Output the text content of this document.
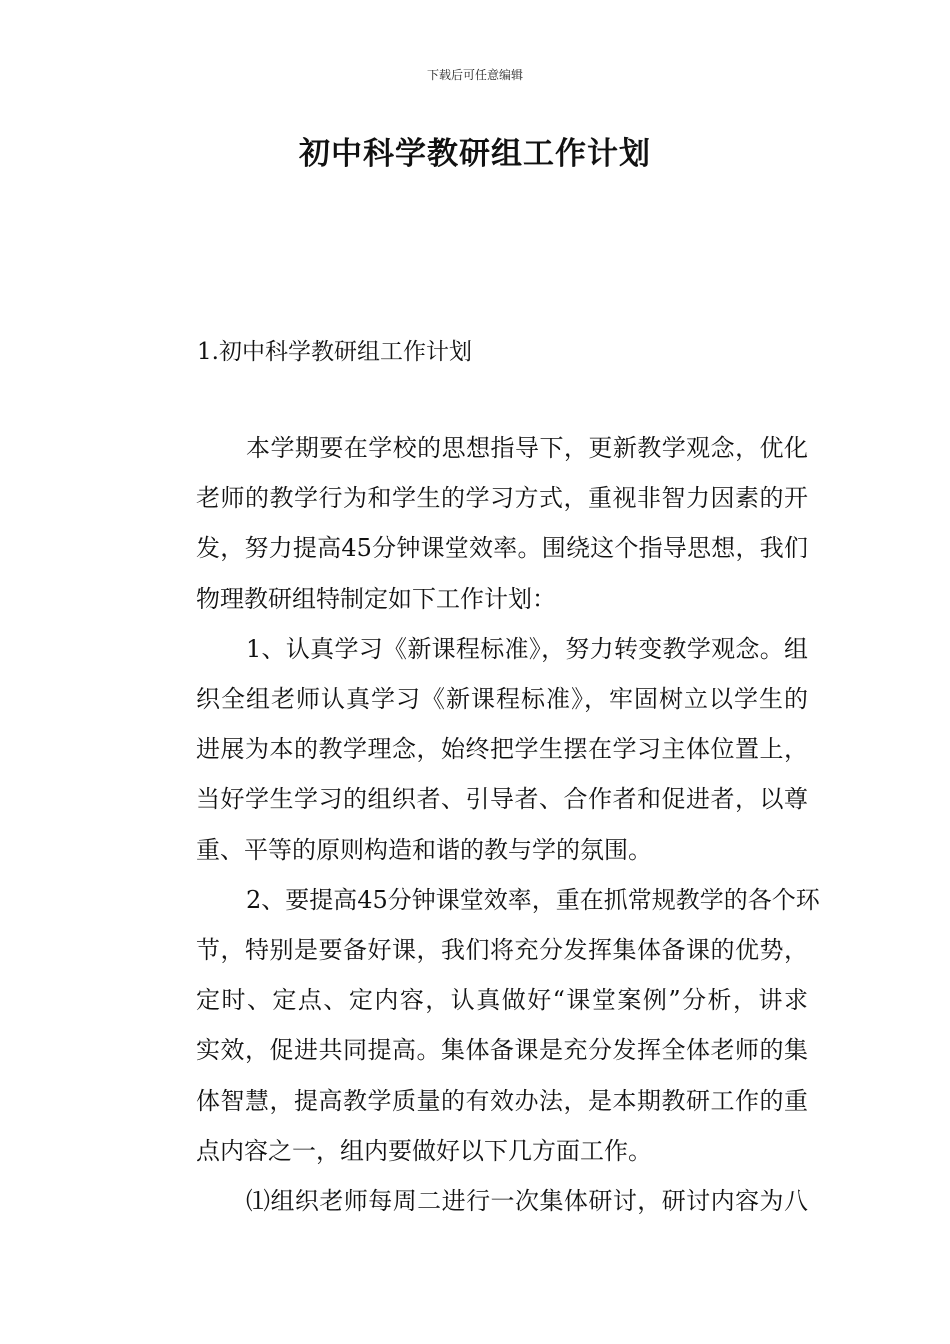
下载后可任意编辑
初中科学教研组工作计划
1.初中科学教研组工作计划
本学期要在学校的思想指导下，更新教学观念，优化
老师的教学行为和学生的学习方式，重视非智力因素的开
发，努力提高45分钟课堂效率。围绕这个指导思想，我们
物理教研组特制定如下工作计划：
1、认真学习《新课程标准》，努力转变教学观念。组
织全组老师认真学习《新课程标准》，牢固树立以学生的
进展为本的教学理念，始终把学生摆在学习主体位置上，
当好学生学习的组织者、引导者、合作者和促进者，以尊
重、平等的原则构造和谐的教与学的氛围。
2、要提高45分钟课堂效率，重在抓常规教学的各个环
节，特别是要备好课，我们将充分发挥集体备课的优势，
定时、定点、定内容，认真做好“课堂案例”分析，讲求
实效，促进共同提高。集体备课是充分发挥全体老师的集
体智慧，提高教学质量的有效办法，是本期教研工作的重
点内容之一，组内要做好以下几方面工作。
⑴组织老师每周二进行一次集体研讨，研讨内容为八
